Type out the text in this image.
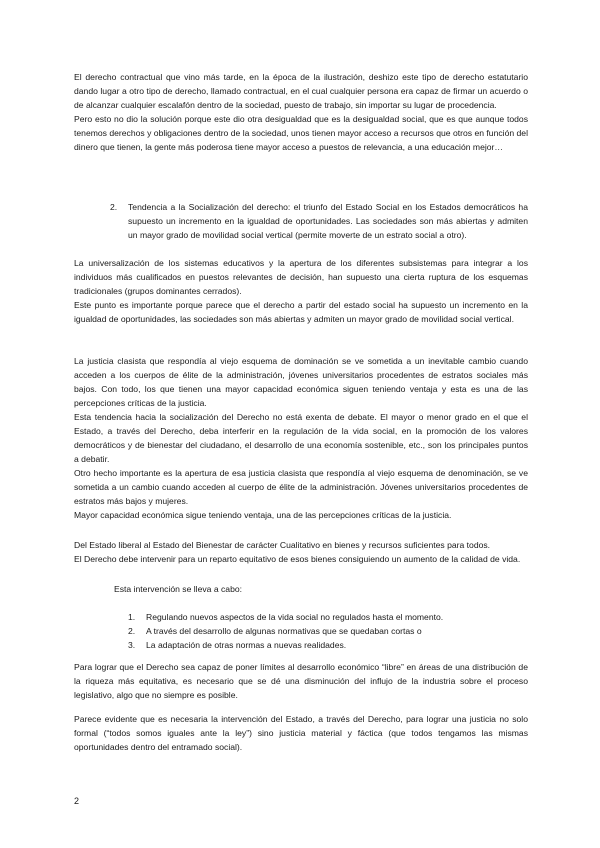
El derecho contractual que vino más tarde, en la época de la ilustración, deshizo este tipo de derecho estatutario dando lugar a otro tipo de derecho, llamado contractual, en el cual cualquier persona era capaz de firmar un acuerdo o de alcanzar cualquier escalafón dentro de la sociedad, puesto de trabajo, sin importar su lugar de procedencia.

Pero esto no dio la solución porque este dio otra desigualdad que es la desigualdad social, que es que aunque todos tenemos derechos y obligaciones dentro de la sociedad, unos tienen mayor acceso a recursos que otros en función del dinero que tienen, la gente más poderosa tiene mayor acceso a puestos de relevancia, a una educación mejor…

2. Tendencia a la Socialización del derecho: el triunfo del Estado Social en los Estados democráticos ha supuesto un incremento en la igualdad de oportunidades. Las sociedades son más abiertas y admiten un mayor grado de movilidad social vertical (permite moverte de un estrato social a otro).

La universalización de los sistemas educativos y la apertura de los diferentes subsistemas para integrar a los individuos más cualificados en puestos relevantes de decisión, han supuesto una cierta ruptura de los esquemas tradicionales (grupos dominantes cerrados).

Este punto es importante porque parece que el derecho a partir del estado social ha supuesto un incremento en la igualdad de oportunidades, las sociedades son más abiertas y admiten un mayor grado de movilidad social vertical.

La justicia clasista que respondía al viejo esquema de dominación se ve sometida a un inevitable cambio cuando acceden a los cuerpos de élite de la administración, jóvenes universitarios procedentes de estratos sociales más bajos. Con todo, los que tienen una mayor capacidad económica siguen teniendo ventaja y esta es una de las percepciones críticas de la justicia.

Esta tendencia hacia la socialización del Derecho no está exenta de debate. El mayor o menor grado en el que el Estado, a través del Derecho, deba interferir en la regulación de la vida social, en la promoción de los valores democráticos y de bienestar del ciudadano, el desarrollo de una economía sostenible, etc., son los principales puntos a debatir.

Otro hecho importante es la apertura de esa justicia clasista que respondía al viejo esquema de denominación, se ve sometida a un cambio cuando acceden al cuerpo de élite de la administración. Jóvenes universitarios procedentes de estratos más bajos y mujeres.

Mayor capacidad económica sigue teniendo ventaja, una de las percepciones críticas de la justicia.

Del Estado liberal al Estado del Bienestar de carácter Cualitativo en bienes y recursos suficientes para todos.

El Derecho debe intervenir para un reparto equitativo de esos bienes consiguiendo un aumento de la calidad de vida.

Esta intervención se lleva a cabo:

1. Regulando nuevos aspectos de la vida social no regulados hasta el momento.
2. A través del desarrollo de algunas normativas que se quedaban cortas o
3. La adaptación de otras normas a nuevas realidades.

Para lograr que el Derecho sea capaz de poner límites al desarrollo económico “libre” en áreas de una distribución de la riqueza más equitativa, es necesario que se dé una disminución del influjo de la industria sobre el proceso legislativo, algo que no siempre es posible.

Parece evidente que es necesaria la intervención del Estado, a través del Derecho, para lograr una justicia no solo formal (“todos somos iguales ante la ley”) sino justicia material y fáctica (que todos tengamos las mismas oportunidades dentro del entramado social).

2
